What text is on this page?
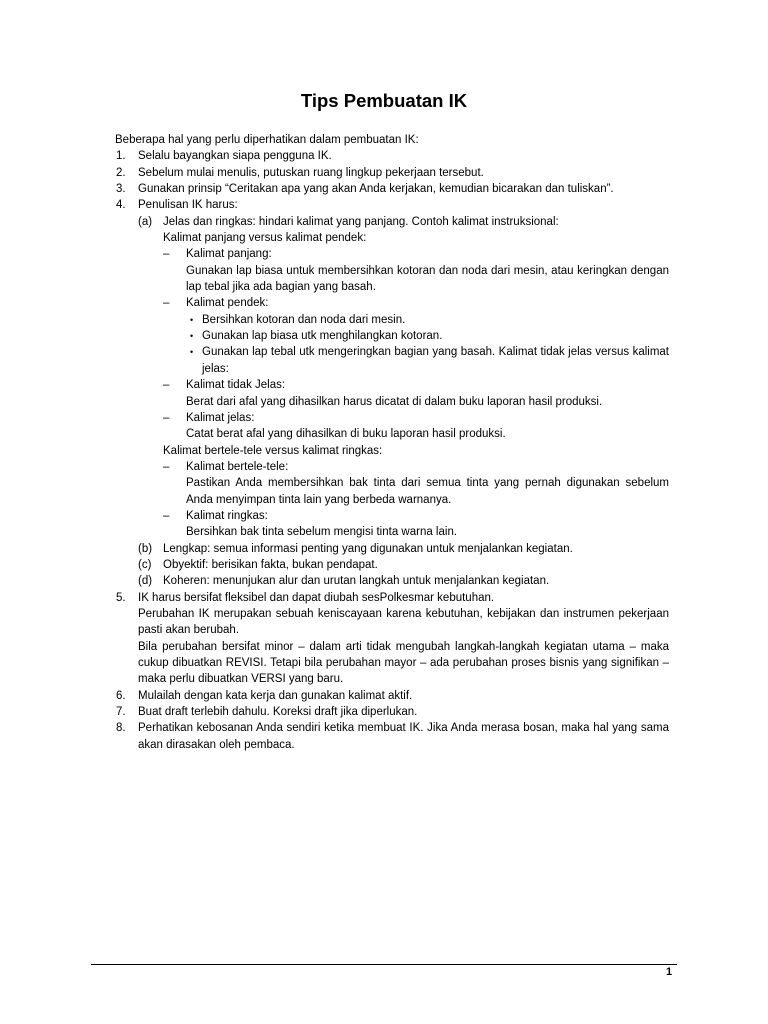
Tips Pembuatan IK
Beberapa hal yang perlu diperhatikan dalam pembuatan IK:
1. Selalu bayangkan siapa pengguna IK.
2. Sebelum mulai menulis, putuskan ruang lingkup pekerjaan tersebut.
3. Gunakan prinsip “Ceritakan apa yang akan Anda kerjakan, kemudian bicarakan dan tuliskan”.
4. Penulisan IK harus:
(a) Jelas dan ringkas: hindari kalimat yang panjang. Contoh kalimat instruksional:
Kalimat panjang versus kalimat pendek:
– Kalimat panjang:
Gunakan lap biasa untuk membersihkan kotoran dan noda dari mesin, atau keringkan dengan lap tebal jika ada bagian yang basah.
– Kalimat pendek:
• Bersihkan kotoran dan noda dari mesin.
• Gunakan lap biasa utk menghilangkan kotoran.
• Gunakan lap tebal utk mengeringkan bagian yang basah. Kalimat tidak jelas versus kalimat jelas:
– Kalimat tidak Jelas:
Berat dari afal yang dihasilkan harus dicatat di dalam buku laporan hasil produksi.
– Kalimat jelas:
Catat berat afal yang dihasilkan di buku laporan hasil produksi.
Kalimat bertele-tele versus kalimat ringkas:
– Kalimat bertele-tele:
Pastikan Anda membersihkan bak tinta dari semua tinta yang pernah digunakan sebelum Anda menyimpan tinta lain yang berbeda warnanya.
– Kalimat ringkas:
Bersihkan bak tinta sebelum mengisi tinta warna lain.
(b) Lengkap: semua informasi penting yang digunakan untuk menjalankan kegiatan.
(c) Obyektif: berisikan fakta, bukan pendapat.
(d) Koheren: menunjukan alur dan urutan langkah untuk menjalankan kegiatan.
5. IK harus bersifat fleksibel dan dapat diubah sesPolkesmar kebutuhan.
Perubahan IK merupakan sebuah keniscayaan karena kebutuhan, kebijakan dan instrumen pekerjaan pasti akan berubah.
Bila perubahan bersifat minor – dalam arti tidak mengubah langkah-langkah kegiatan utama – maka cukup dibuatkan REVISI. Tetapi bila perubahan mayor – ada perubahan proses bisnis yang signifikan – maka perlu dibuatkan VERSI yang baru.
6. Mulailah dengan kata kerja dan gunakan kalimat aktif.
7. Buat draft terlebih dahulu. Koreksi draft jika diperlukan.
8. Perhatikan kebosanan Anda sendiri ketika membuat IK. Jika Anda merasa bosan, maka hal yang sama akan dirasakan oleh pembaca.
1
